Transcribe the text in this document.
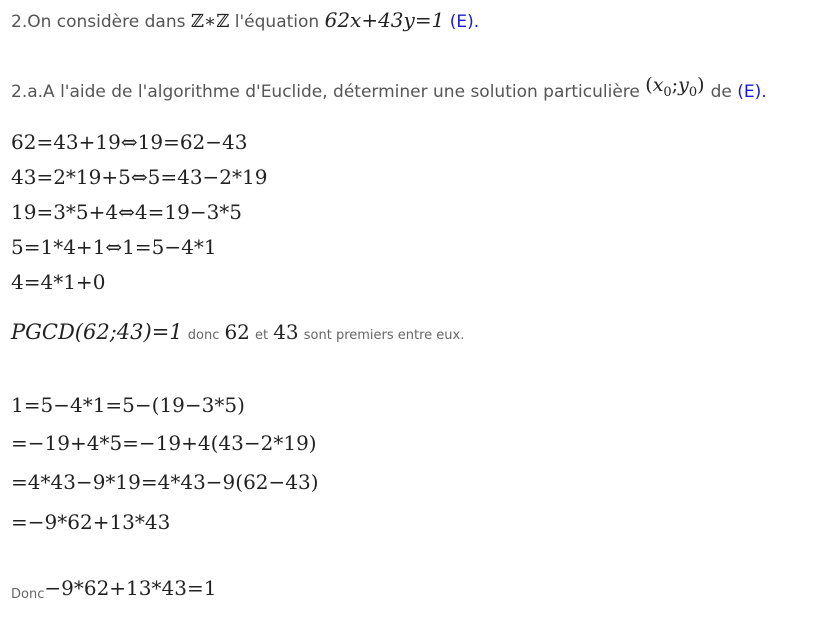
2.On considère dans ℤ∗ℤ l'équation 62x+43y=1 (E).
2.a.A l'aide de l'algorithme d'Euclide, déterminer une solution particulière $(x_0;y_0)$ de (E).
62=43+19⇔19=62−43
43=2*19+5⇔5=43−2*19
19=3*5+4⇔4=19−3*5
5=1*4+1⇔1=5−4*1
4=4*1+0
PGCD(62;43)=1 donc 62 et 43 sont premiers entre eux.
1=5−4*1=5−(19−3*5)
=−19+4*5=−19+4(43−2*19)
=4*43−9*19=4*43−9(62−43)
=−9*62+13*43
Donc−9*62+13*43=1
